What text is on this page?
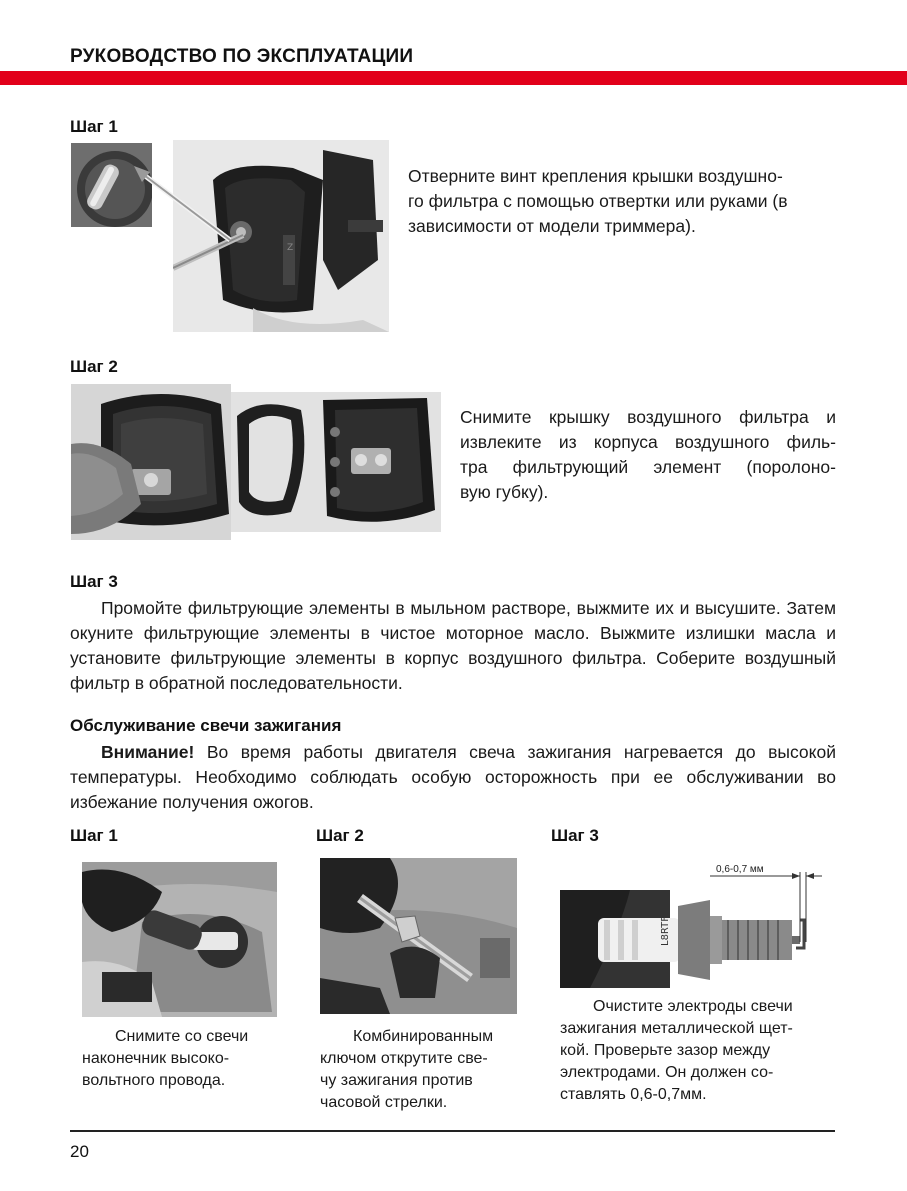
РУКОВОДСТВО ПО ЭКСПЛУАТАЦИИ
Шаг 1
Z
Отверните винт крепления крышки воздушно-
го фильтра с помощью отвертки или руками (в
зависимости от модели триммера).
Шаг 2
Снимите крышку воздушного фильтра и
извлеките из корпуса воздушного филь-
тра фильтрующий элемент (поролоно-
вую губку).
Шаг 3

Промойте фильтрующие элементы в мыльном растворе, выжмите их и высушите. Затем окуните фильтрующие элементы в чистое моторное масло. Выжмите излишки масла и установите фильтрующие элементы в корпус воздушного фильтра. Соберите воздушный фильтр в обратной последовательности.

Обслуживание свечи зажигания

Внимание! Во время работы двигателя свеча зажигания нагревается до высокой температуры. Необходимо соблюдать особую осторожность при ее обслуживании во избежание получения ожогов.

Шаг 1
Снимите со свечи
наконечник высоко-
вольтного провода.
Шаг 2
Комбинированным
ключом открутите све-
чу зажигания против
часовой стрелки.
Шаг 3
L8RTF
0,6-0,7 мм
Очистите электроды свечи
зажигания металлической щет-
кой. Проверьте зазор между
электродами. Он должен со-
ставлять 0,6-0,7мм.
20
